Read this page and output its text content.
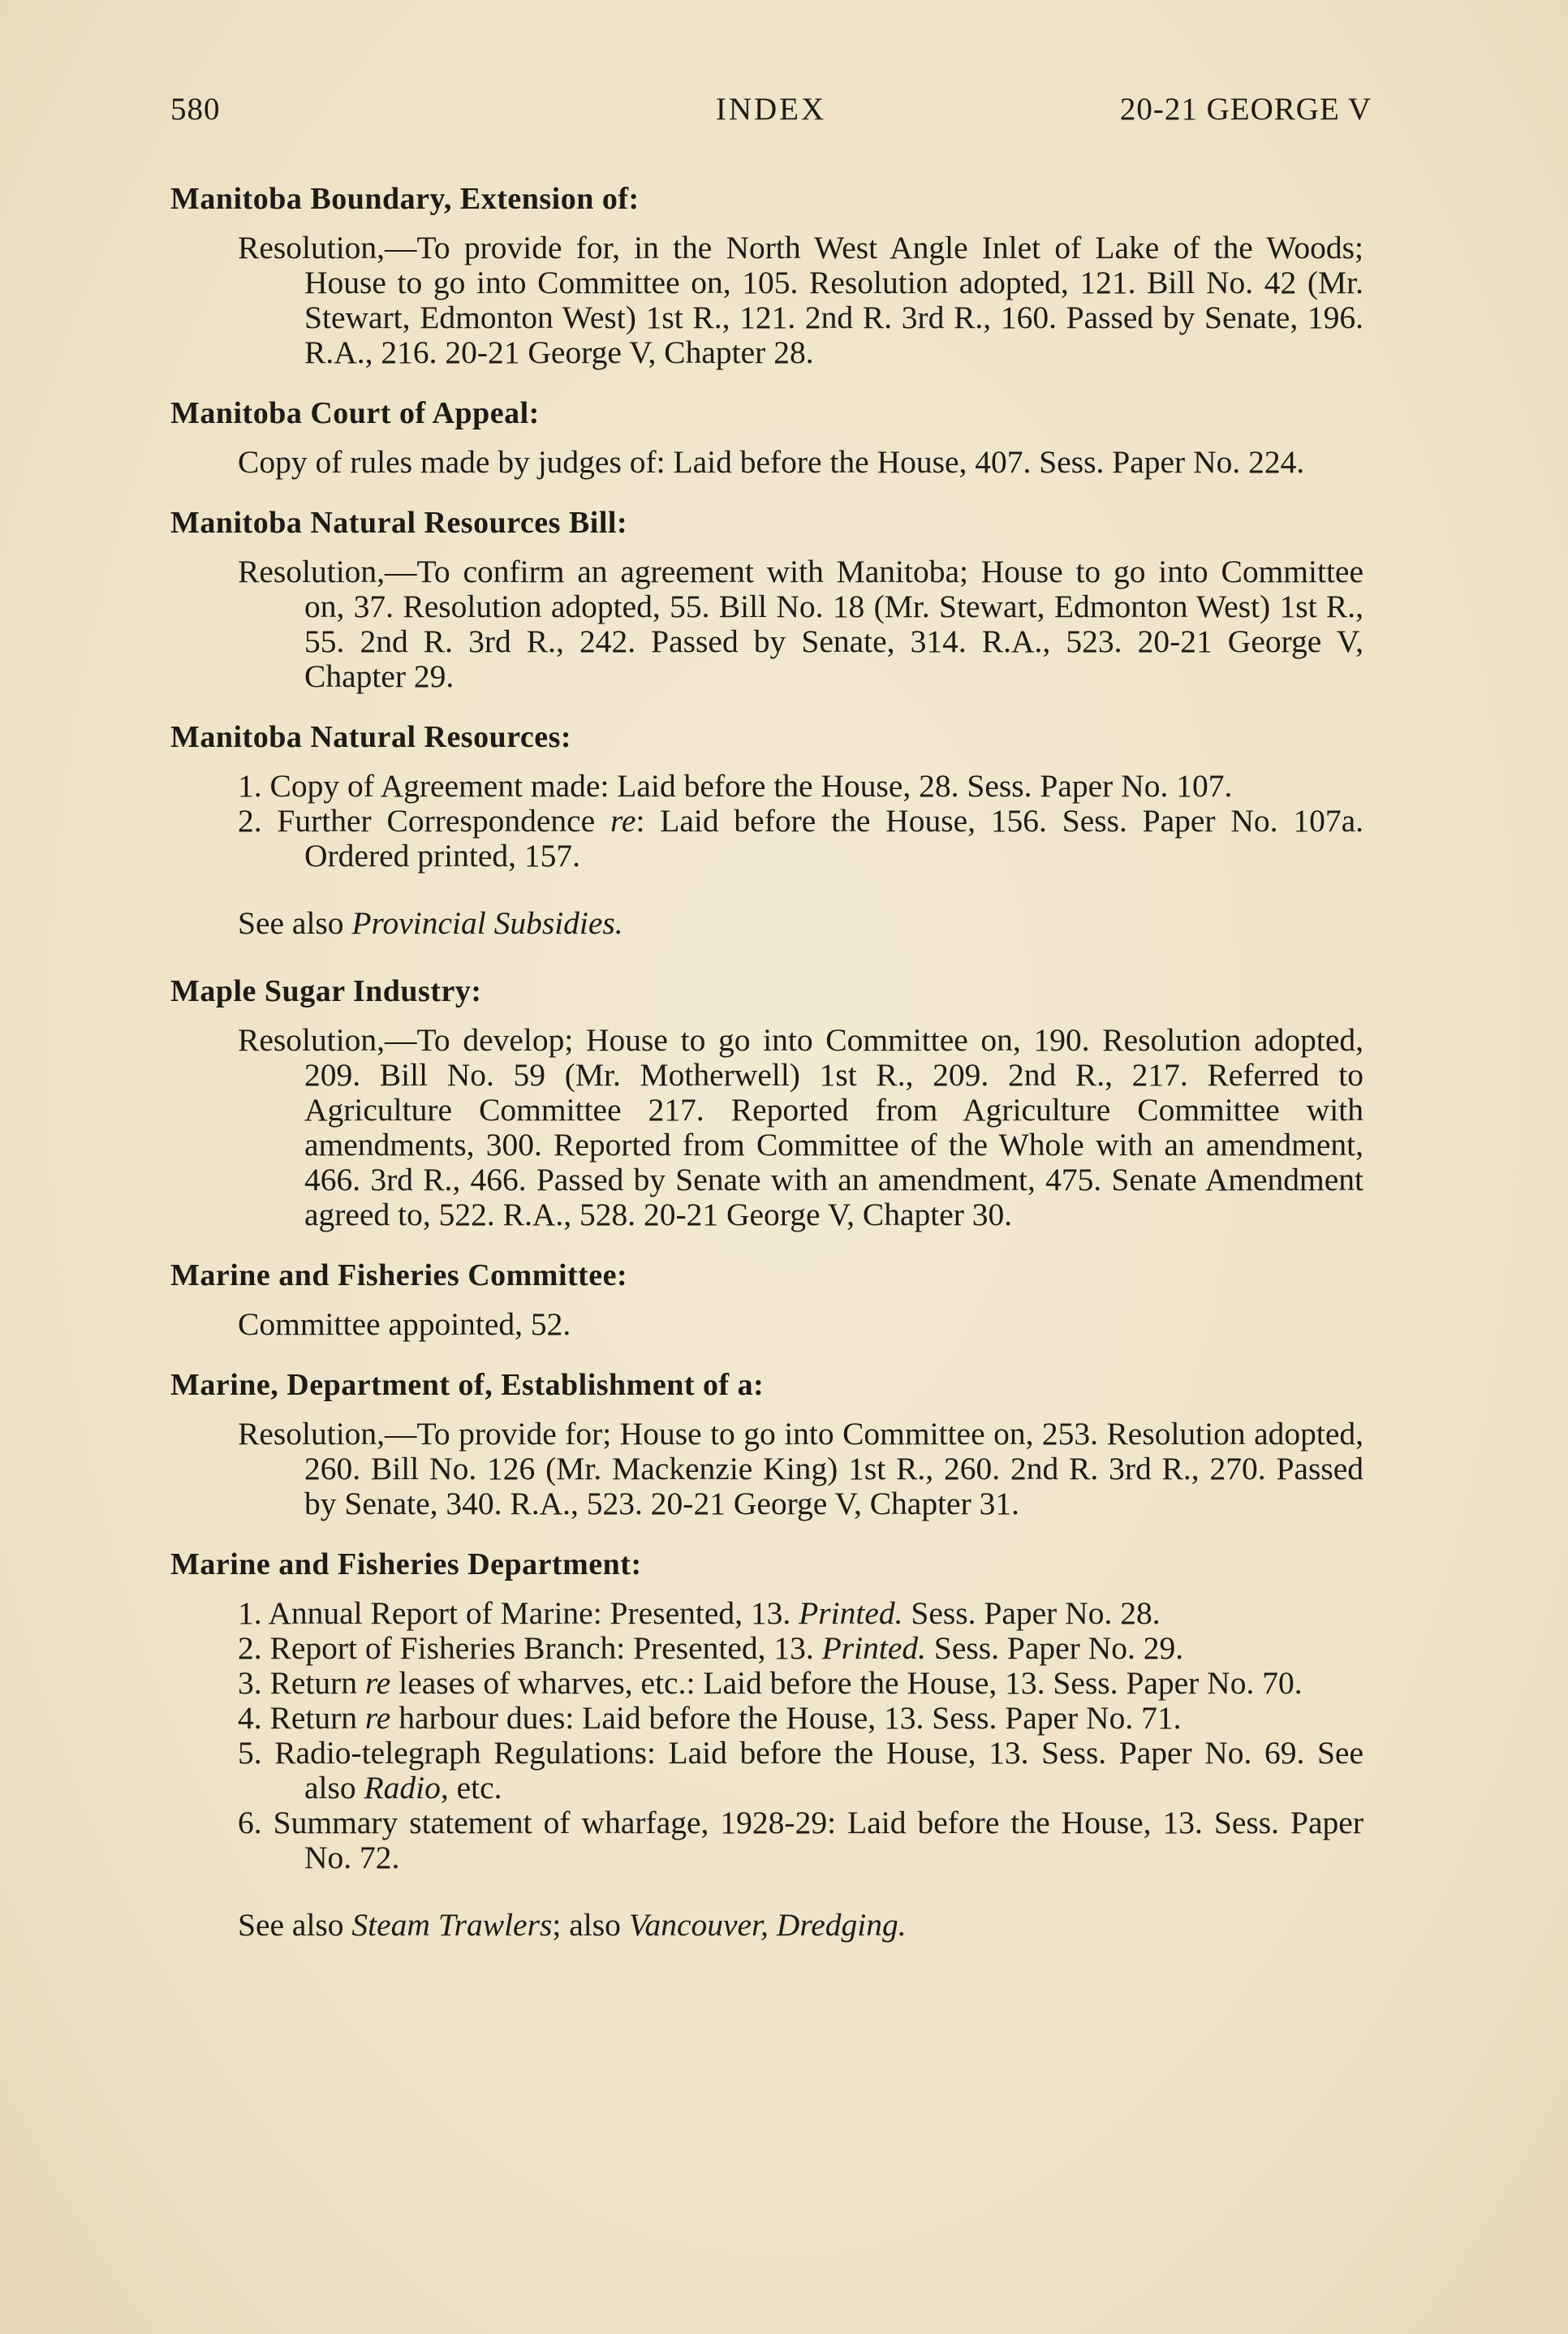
580	INDEX	20-21 GEORGE V
Manitoba Boundary, Extension of:

Resolution,—To provide for, in the North West Angle Inlet of Lake of the Woods; House to go into Committee on, 105. Resolution adopted, 121. Bill No. 42 (Mr. Stewart, Edmonton West) 1st R., 121. 2nd R. 3rd R., 160. Passed by Senate, 196. R.A., 216. 20-21 George V, Chapter 28.

Manitoba Court of Appeal:

Copy of rules made by judges of: Laid before the House, 407. Sess. Paper No. 224.

Manitoba Natural Resources Bill:

Resolution,—To confirm an agreement with Manitoba; House to go into Committee on, 37. Resolution adopted, 55. Bill No. 18 (Mr. Stewart, Edmonton West) 1st R., 55. 2nd R. 3rd R., 242. Passed by Senate, 314. R.A., 523. 20-21 George V, Chapter 29.

Manitoba Natural Resources:

1. Copy of Agreement made: Laid before the House, 28. Sess. Paper No. 107.

2. Further Correspondence re: Laid before the House, 156. Sess. Paper No. 107a. Ordered printed, 157.

See also Provincial Subsidies.

Maple Sugar Industry:

Resolution,—To develop; House to go into Committee on, 190. Resolution adopted, 209. Bill No. 59 (Mr. Motherwell) 1st R., 209. 2nd R., 217. Referred to Agriculture Committee 217. Reported from Agriculture Committee with amendments, 300. Reported from Committee of the Whole with an amendment, 466. 3rd R., 466. Passed by Senate with an amendment, 475. Senate Amendment agreed to, 522. R.A., 528. 20-21 George V, Chapter 30.

Marine and Fisheries Committee:

Committee appointed, 52.

Marine, Department of, Establishment of a:

Resolution,—To provide for; House to go into Committee on, 253. Resolution adopted, 260. Bill No. 126 (Mr. Mackenzie King) 1st R., 260. 2nd R. 3rd R., 270. Passed by Senate, 340. R.A., 523. 20-21 George V, Chapter 31.

Marine and Fisheries Department:

1. Annual Report of Marine: Presented, 13. Printed. Sess. Paper No. 28.

2. Report of Fisheries Branch: Presented, 13. Printed. Sess. Paper No. 29.

3. Return re leases of wharves, etc.: Laid before the House, 13. Sess. Paper No. 70.

4. Return re harbour dues: Laid before the House, 13. Sess. Paper No. 71.

5. Radio-telegraph Regulations: Laid before the House, 13. Sess. Paper No. 69. See also Radio, etc.

6. Summary statement of wharfage, 1928-29: Laid before the House, 13. Sess. Paper No. 72.

See also Steam Trawlers; also Vancouver, Dredging.
